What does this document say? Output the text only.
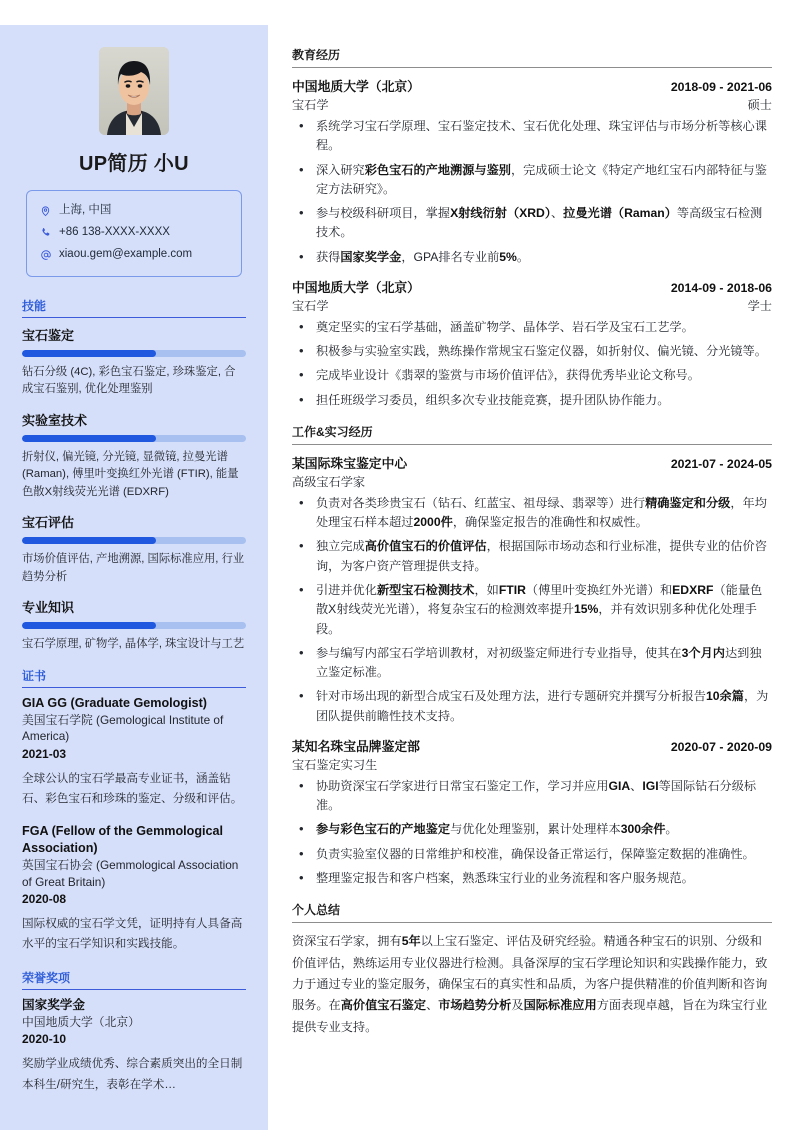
UP简历 小U
上海, 中国
+86 138-XXXX-XXXX
xiaou.gem@example.com
技能
宝石鉴定
钻石分级 (4C), 彩色宝石鉴定, 珍珠鉴定, 合成宝石鉴别, 优化处理鉴别
实验室技术
折射仪, 偏光镜, 分光镜, 显微镜, 拉曼光谱 (Raman), 傅里叶变换红外光谱 (FTIR), 能量色散X射线荧光光谱 (EDXRF)
宝石评估
市场价值评估, 产地溯源, 国际标准应用, 行业趋势分析
专业知识
宝石学原理, 矿物学, 晶体学, 珠宝设计与工艺
证书
GIA GG (Graduate Gemologist)
美国宝石学院 (Gemological Institute of America)
2021-03
全球公认的宝石学最高专业证书，涵盖钻石、彩色宝石和珍珠的鉴定、分级和评估。
FGA (Fellow of the Gemmological Association)
英国宝石协会 (Gemmological Association of Great Britain)
2020-08
国际权威的宝石学文凭，证明持有人具备高水平的宝石学知识和实践技能。
荣誉奖项
国家奖学金
中国地质大学（北京）
2020-10
奖励学业成绩优秀、综合素质突出的全日制本科生/研究生，表彰在学术…
教育经历
中国地质大学（北京）	2018-09 - 2021-06
宝石学	硕士
• 系统学习宝石学原理、宝石鉴定技术、宝石优化处理、珠宝评估与市场分析等核心课程。
• 深入研究彩色宝石的产地溯源与鉴别，完成硕士论文《特定产地红宝石内部特征与鉴定方法研究》。
• 参与校级科研项目，掌握X射线衍射（XRD）、拉曼光谱（Raman）等高级宝石检测技术。
• 获得国家奖学金，GPA排名专业前5%。
中国地质大学（北京）	2014-09 - 2018-06
宝石学	学士
• 奠定坚实的宝石学基础，涵盖矿物学、晶体学、岩石学及宝石工艺学。
• 积极参与实验室实践，熟练操作常规宝石鉴定仪器，如折射仪、偏光镜、分光镜等。
• 完成毕业设计《翡翠的鉴赏与市场价值评估》，获得优秀毕业论文称号。
• 担任班级学习委员，组织多次专业技能竞赛，提升团队协作能力。
工作&实习经历
某国际珠宝鉴定中心	2021-07 - 2024-05
高级宝石学家
• 负责对各类珍贵宝石（钻石、红蓝宝、祖母绿、翡翠等）进行精确鉴定和分级，年均处理宝石样本超过2000件，确保鉴定报告的准确性和权威性。
• 独立完成高价值宝石的价值评估，根据国际市场动态和行业标准，提供专业的估价咨询，为客户资产管理提供支持。
• 引进并优化新型宝石检测技术，如FTIR（傅里叶变换红外光谱）和EDXRF（能量色散X射线荧光光谱），将复杂宝石的检测效率提升15%，并有效识别多种优化处理手段。
• 参与编写内部宝石学培训教材，对初级鉴定师进行专业指导，使其在3个月内达到独立鉴定标准。
• 针对市场出现的新型合成宝石及处理方法，进行专题研究并撰写分析报告10余篇，为团队提供前瞻性技术支持。
某知名珠宝品牌鉴定部	2020-07 - 2020-09
宝石鉴定实习生
• 协助资深宝石学家进行日常宝石鉴定工作，学习并应用GIA、IGI等国际钻石分级标准。
• 参与彩色宝石的产地鉴定与优化处理鉴别，累计处理样本300余件。
• 负责实验室仪器的日常维护和校准，确保设备正常运行，保障鉴定数据的准确性。
• 整理鉴定报告和客户档案，熟悉珠宝行业的业务流程和客户服务规范。
个人总结
资深宝石学家，拥有5年以上宝石鉴定、评估及研究经验。精通各种宝石的识别、分级和价值评估，熟练运用专业仪器进行检测。具备深厚的宝石学理论知识和实践操作能力，致力于通过专业的鉴定服务，确保宝石的真实性和品质，为客户提供精准的价值判断和咨询服务。在高价值宝石鉴定、市场趋势分析及国际标准应用方面表现卓越，旨在为珠宝行业提供专业支持。
